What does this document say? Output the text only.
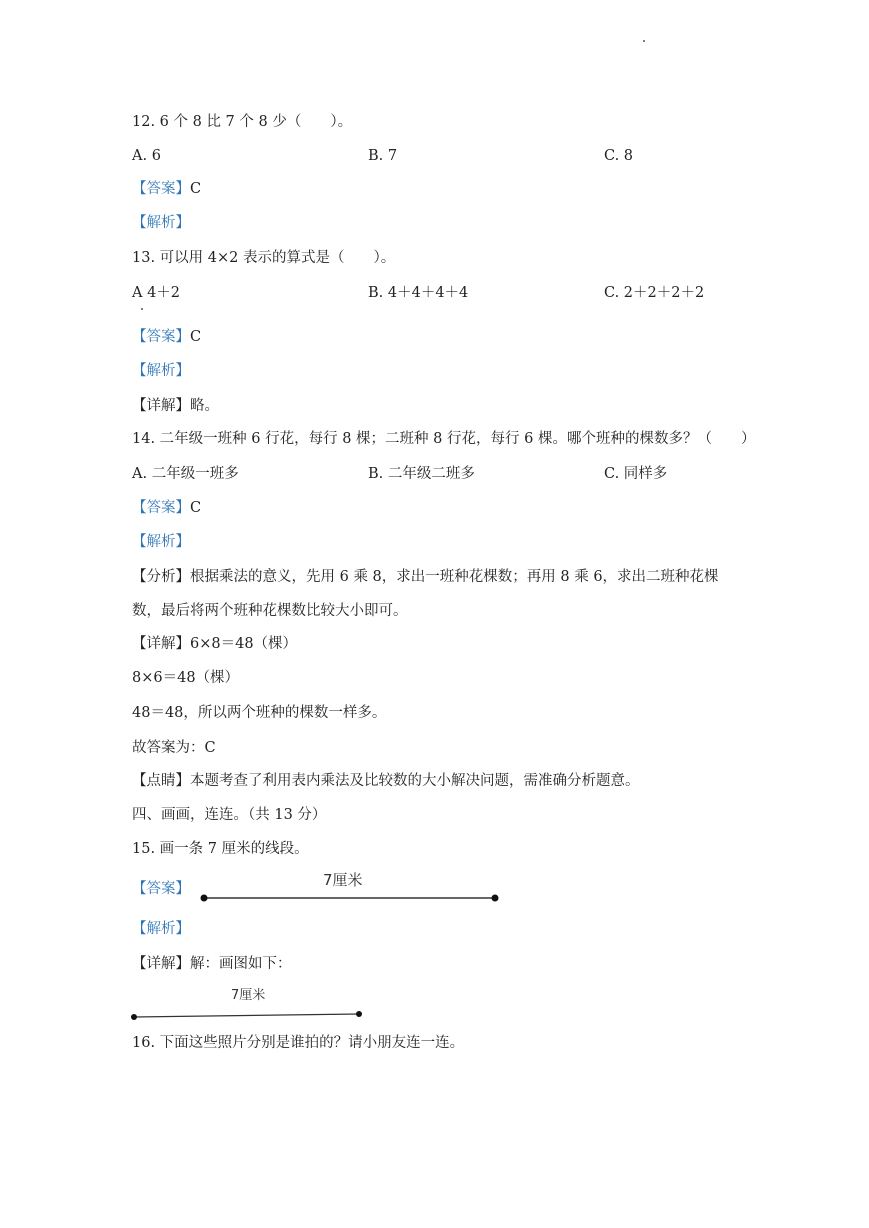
12. 6 个 8 比 7 个 8 少（　　）。
A. 6	B. 7	C. 8
【答案】C
【解析】
13. 可以用 4×2 表示的算式是（　　）。
A 4＋2	B. 4＋4＋4＋4	C. 2＋2＋2＋2
【答案】C
【解析】
【详解】略。
14. 二年级一班种 6 行花，每行 8 棵；二班种 8 行花，每行 6 棵。哪个班种的棵数多？（　　）
A. 二年级一班多	B. 二年级二班多	C. 同样多
【答案】C
【解析】
【分析】根据乘法的意义，先用 6 乘 8，求出一班种花棵数；再用 8 乘 6，求出二班种花棵
数，最后将两个班种花棵数比较大小即可。
【详解】6×8＝48（棵）
8×6＝48（棵）
48＝48，所以两个班种的棵数一样多。
故答案为：C
【点睛】本题考查了利用表内乘法及比较数的大小解决问题，需准确分析题意。
四、画画，连连。（共 13 分）
15. 画一条 7 厘米的线段。
【答案】	7厘米
【解析】
【详解】解：画图如下：
7厘米
16. 下面这些照片分别是谁拍的？请小朋友连一连。
